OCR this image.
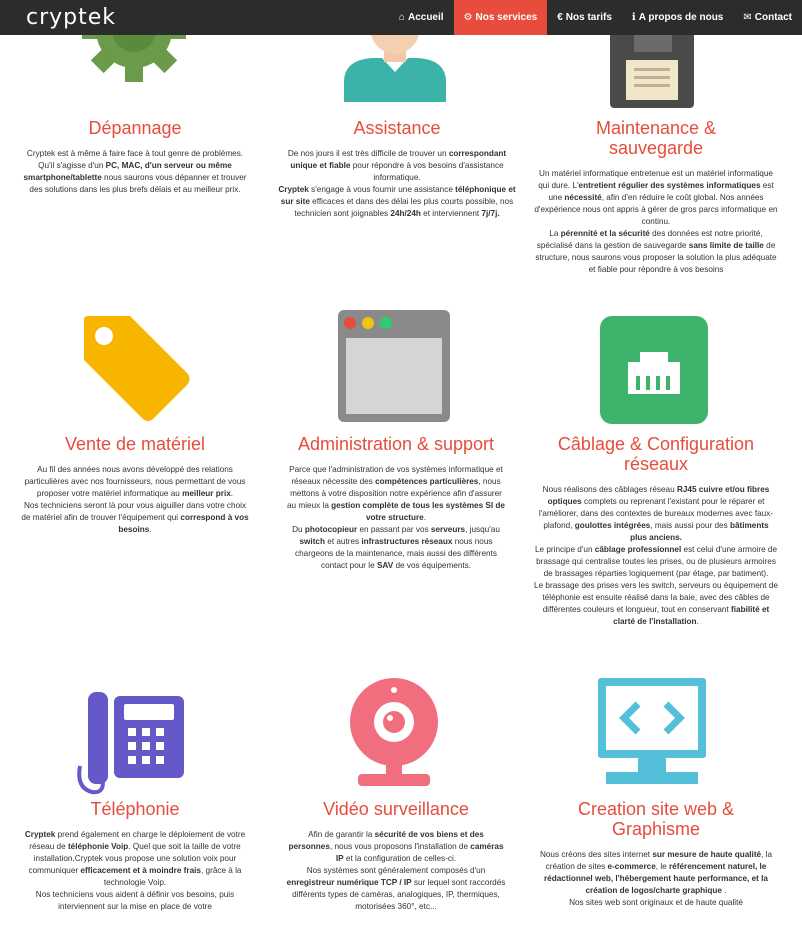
cryptek	⌂ Accueil ⚙ Nos services € Nos tarifs ℹ A propos de nous ✉ Contact
Dépannage

Cryptek est à même à faire face à tout genre de problèmes. Qu'il s'agisse d'un PC, MAC, d'un serveur ou même smartphone/tablette nous saurons vous dépanner et trouver des solutions dans les plus brefs délais et au meilleur prix.

Assistance

De nos jours il est très difficile de trouver un correspondant unique et fiable pour répondre à vos besoins d'assistance informatique.
Cryptek s'engage à vous fournir une assistance téléphonique et sur site efficaces et dans des délai les plus courts possible, nos technicien sont joignables 24h/24h et interviennent 7j/7j.

Maintenance & sauvegarde

Un matériel informatique entretenue est un matériel informatique qui dure. L'entretient régulier des systèmes informatiques est une nécessité, afin d'en réduire le coût global. Nos années d'expérience nous ont appris à gérer de gros parcs informatique en continu.
La pérennité et la sécurité des données est notre priorité, spécialisé dans la gestion de sauvegarde sans limite de taille de structure, nous saurons vous proposer la solution la plus adéquate et fiable pour répondre à vos besoins

Vente de matériel

Au fil des années nous avons développé des relations particulières avec nos fournisseurs, nous permettant de vous proposer votre matériel informatique au meilleur prix.
Nos techniciens seront là pour vous aiguiller dans votre choix de matériel afin de trouver l'équipement qui correspond à vos besoins.

Administration & support

Parce que l'administration de vos systèmes informatique et réseaux nécessite des compétences particulières, nous mettons à votre disposition notre expérience afin d'assurer au mieux la gestion complète de tous les systèmes SI de votre structure.
Du photocopieur en passant par vos serveurs, jusqu'au switch et autres infrastructures réseaux nous nous chargeons de la maintenance, mais aussi des différents contact pour le SAV de vos équipements.

Câblage & Configuration réseaux

Nous réalisons des câblages réseau RJ45 cuivre et/ou fibres optiques complets ou reprenant l'existant pour le réparer et l'améliorer, dans des contextes de bureaux modernes avec faux-plafond, goulottes intégrées, mais aussi pour des bâtiments plus anciens.
Le principe d'un câblage professionnel est celui d'une armoire de brassage qui centralise toutes les prises, ou de plusieurs armoires de brassages réparties logiquement (par étage, par batiment).
Le brassage des prises vers les switch, serveurs ou équipement de téléphonie est ensuite réalisé dans la baie, avec des câbles de différentes couleurs et longueur, tout en conservant fiabilité et clarté de l'installation.

Téléphonie

Cryptek prend également en charge le déploiement de votre réseau de téléphonie Voip. Quel que soit la taille de votre installation,Cryptek vous propose une solution voix pour communiquer efficacement et à moindre frais, grâce à la technologie Voip.
Nos techniciens vous aident à définir vos besoins, puis interviennent sur la mise en place de votre

Vidéo surveillance

Afin de garantir la sécurité de vos biens et des personnes, nous vous proposons l'installation de caméras IP et la configuration de celles-ci.
Nos systèmes sont généralement composés d'un enregistreur numérique TCP / IP sur lequel sont raccordés différents types de caméras, analogiques, IP, thermiques, motorisées 360°, etc...

Creation site web & Graphisme

Nous créons des sites internet sur mesure de haute qualité, la création de sites e-commerce, le référencement naturel, le rédactionnel web, l'hébergement haute performance, et la création de logos/charte graphique .
Nos sites web sont originaux et de haute qualité
